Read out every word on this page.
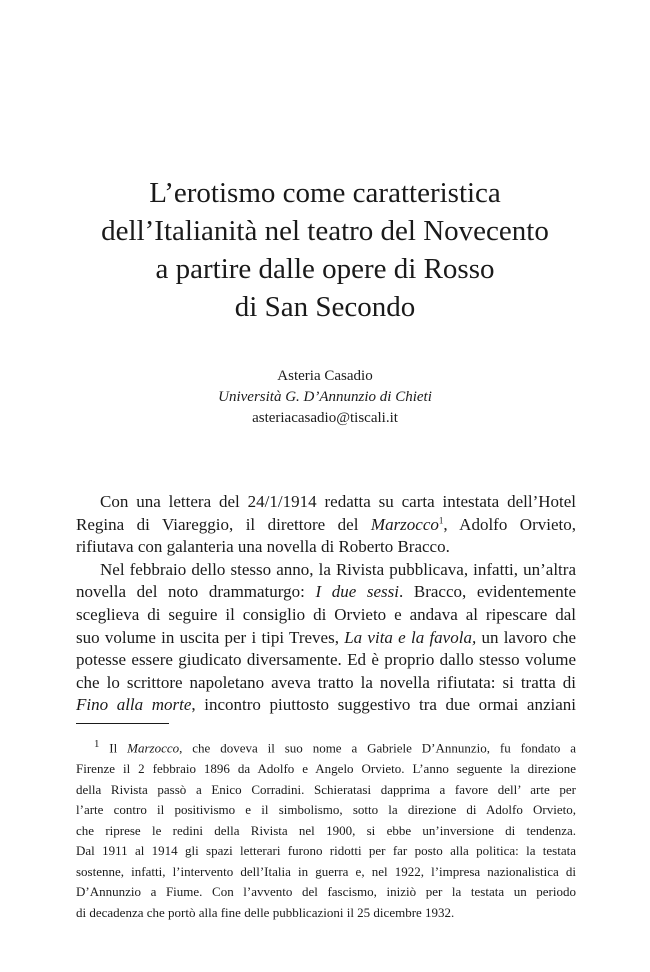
L’erotismo come caratteristica
dell’Italianità nel teatro del Novecento
a partire dalle opere di Rosso
di San Secondo
Asteria Casadio
Università G. D’Annunzio di Chieti
asteriacasadio@tiscali.it
Con una lettera del 24/1/1914 redatta su carta intestata dell’Hotel
Regina di Viareggio, il direttore del Marzocco$^1$, Adolfo Orvieto,
rifiutava con galanteria una novella di Roberto Bracco.
Nel febbraio dello stesso anno, la Rivista pubblicava, infatti, un’altra
novella del noto drammaturgo: I due sessi. Bracco, evidentemente
sceglieva di seguire il consiglio di Orvieto e andava al ripescare dal
suo volume in uscita per i tipi Treves, La vita e la favola, un lavoro che
potesse essere giudicato diversamente. Ed è proprio dallo stesso volume
che lo scrittore napoletano aveva tratto la novella rifiutata: si tratta di
Fino alla morte, incontro piuttosto suggestivo tra due ormai anziani
$^1$ Il Marzocco, che doveva il suo nome a Gabriele D’Annunzio, fu fondato a
Firenze il 2 febbraio 1896 da Adolfo e Angelo Orvieto. L’anno seguente la direzione
della Rivista passò a Enico Corradini. Schieratasi dapprima a favore dell’ arte per
l’arte contro il positivismo e il simbolismo, sotto la direzione di Adolfo Orvieto,
che riprese le redini della Rivista nel 1900, si ebbe un’inversione di tendenza.
Dal 1911 al 1914 gli spazi letterari furono ridotti per far posto alla politica: la testata
sostenne, infatti, l’intervento dell’Italia in guerra e, nel 1922, l’impresa nazionalistica di
D’Annunzio a Fiume. Con l’avvento del fascismo, iniziò per la testata un periodo
di decadenza che portò alla fine delle pubblicazioni il 25 dicembre 1932.
